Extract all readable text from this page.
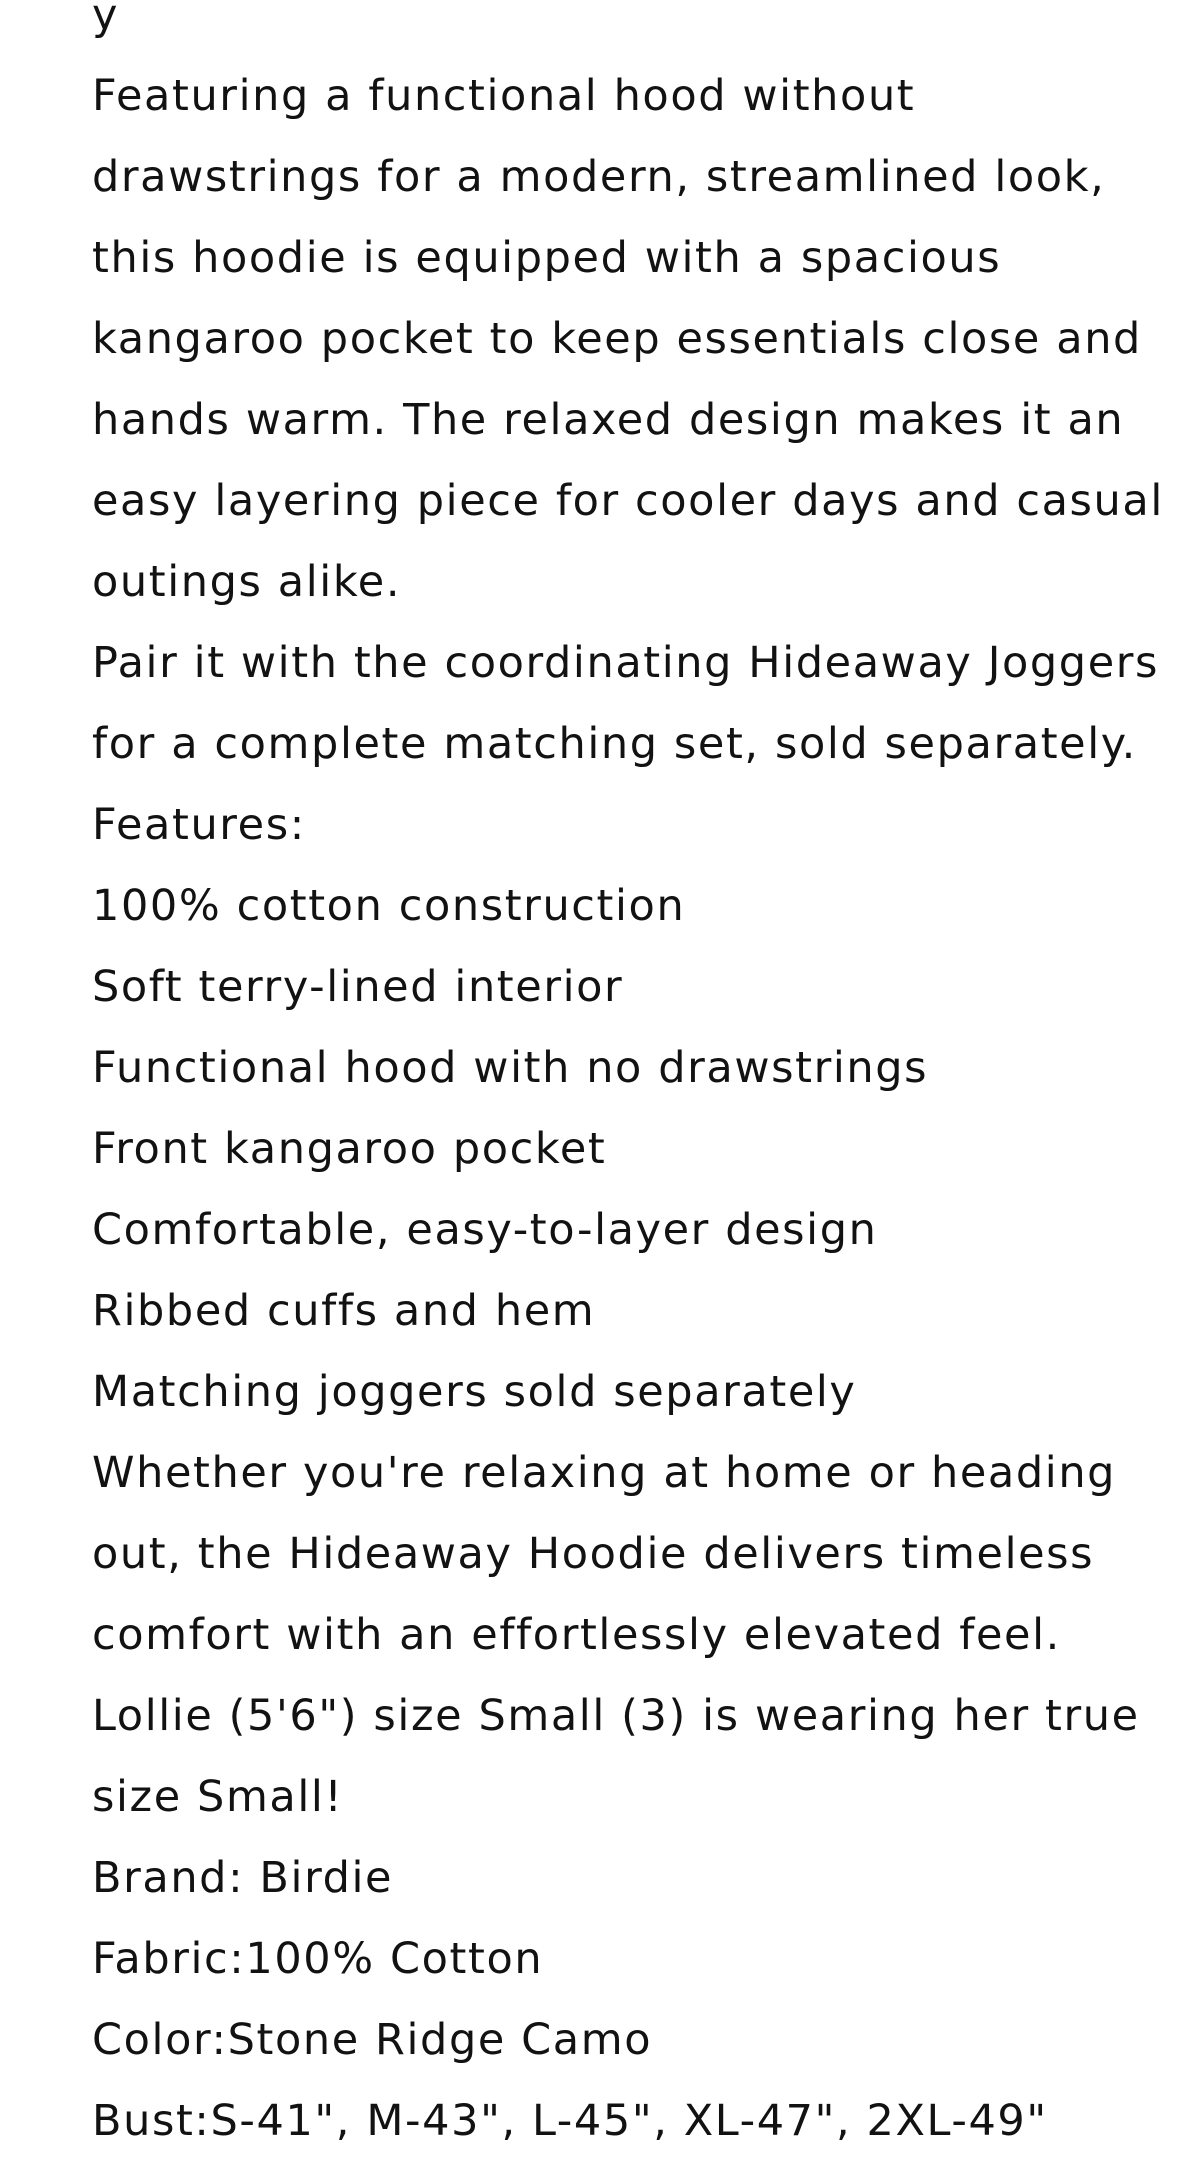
y

Featuring a functional hood without

drawstrings for a modern, streamlined look,

this hoodie is equipped with a spacious

kangaroo pocket to keep essentials close and

hands warm. The relaxed design makes it an

easy layering piece for cooler days and casual

outings alike.

Pair it with the coordinating Hideaway Joggers

for a complete matching set, sold separately.

Features:

100% cotton construction

Soft terry-lined interior

Functional hood with no drawstrings

Front kangaroo pocket

Comfortable, easy-to-layer design

Ribbed cuffs and hem

Matching joggers sold separately

Whether you're relaxing at home or heading

out, the Hideaway Hoodie delivers timeless

comfort with an effortlessly elevated feel.

Lollie (5'6") size Small (3) is wearing her true

size Small!

Brand: Birdie

Fabric:100% Cotton

Color:Stone Ridge Camo

Bust:S-41", M-43", L-45", XL-47", 2XL-49"
